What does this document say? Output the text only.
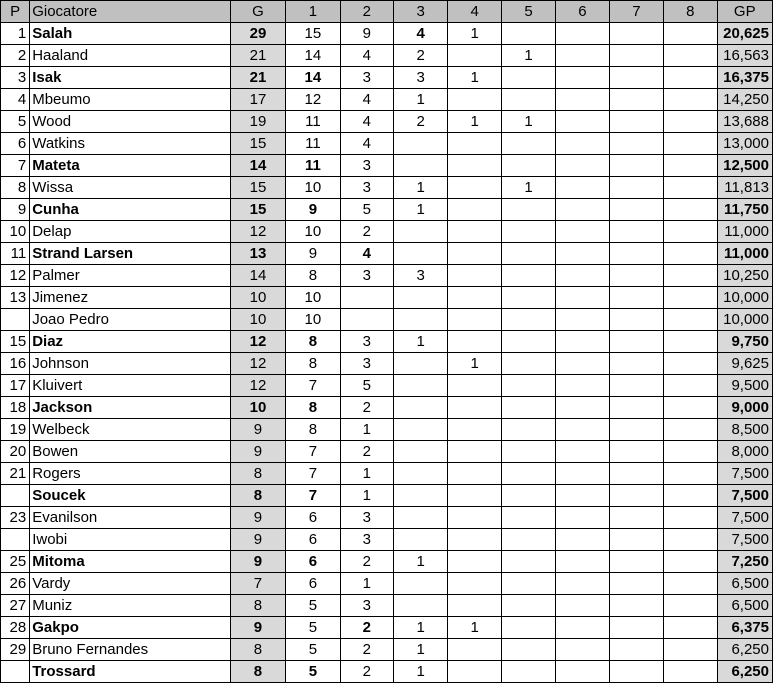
P	Giocatore	G	1	2	3	4	5	6	7	8	GP
1	Salah	29	15	9	4	1					20,625
2	Haaland	21	14	4	2		1				16,563
3	Isak	21	14	3	3	1					16,375
4	Mbeumo	17	12	4	1						14,250
5	Wood	19	11	4	2	1	1				13,688
6	Watkins	15	11	4							13,000
7	Mateta	14	11	3							12,500
8	Wissa	15	10	3	1		1				11,813
9	Cunha	15	9	5	1						11,750
10	Delap	12	10	2							11,000
11	Strand Larsen	13	9	4							11,000
12	Palmer	14	8	3	3						10,250
13	Jimenez	10	10								10,000
	Joao Pedro	10	10								10,000
15	Diaz	12	8	3	1						9,750
16	Johnson	12	8	3		1					9,625
17	Kluivert	12	7	5							9,500
18	Jackson	10	8	2							9,000
19	Welbeck	9	8	1							8,500
20	Bowen	9	7	2							8,000
21	Rogers	8	7	1							7,500
	Soucek	8	7	1							7,500
23	Evanilson	9	6	3							7,500
	Iwobi	9	6	3							7,500
25	Mitoma	9	6	2	1						7,250
26	Vardy	7	6	1							6,500
27	Muniz	8	5	3							6,500
28	Gakpo	9	5	2	1	1					6,375
29	Bruno Fernandes	8	5	2	1						6,250
	Trossard	8	5	2	1						6,250
